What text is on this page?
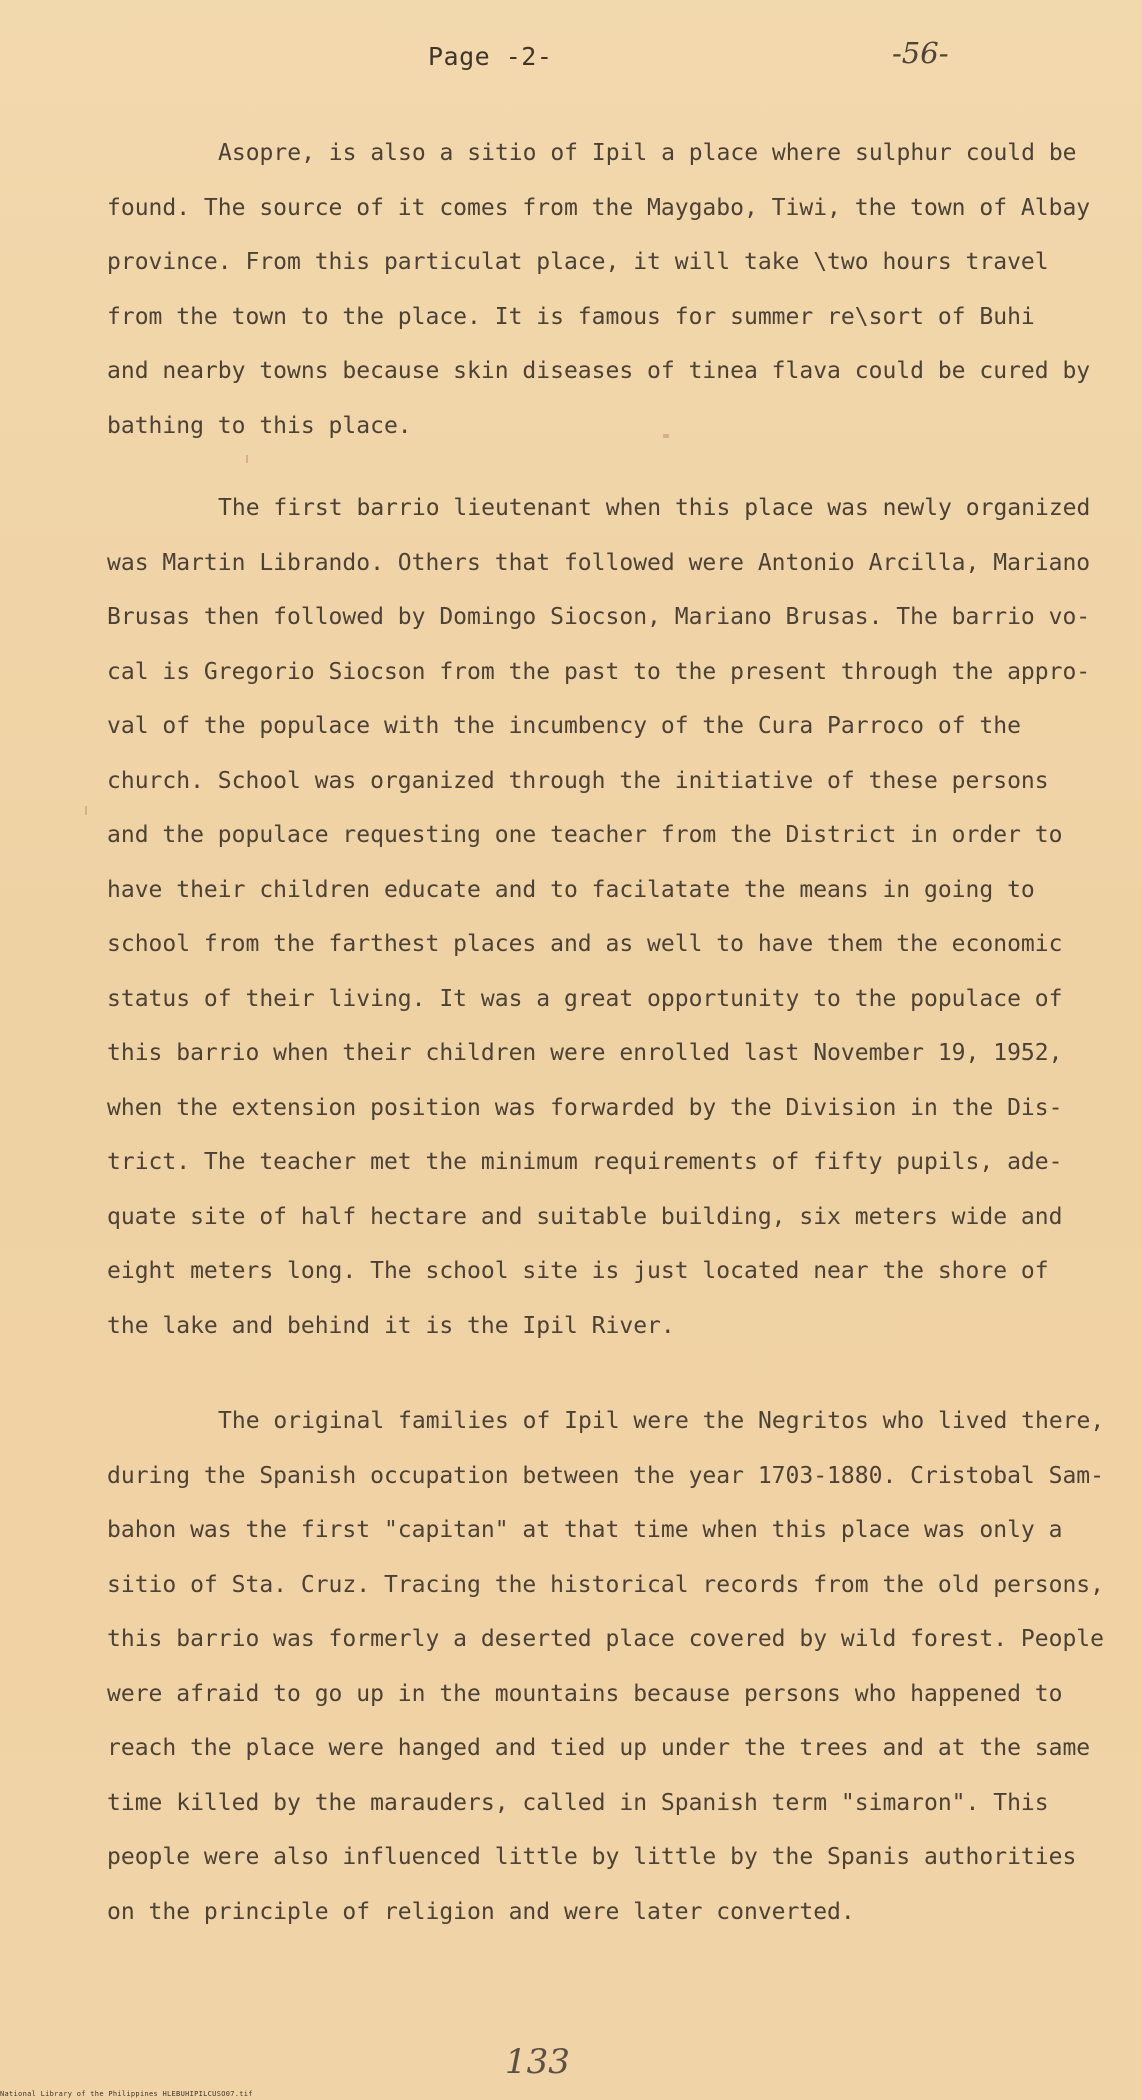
Page -2-	-56-
Asopre, is also a sitio of Ipil a place where sulphur could be
found. The source of it comes from the Maygabo, Tiwi, the town of Albay
province. From this particulat place, it will take \two hours travel
from the town to the place. It is famous for summer re\sort of Buhi
and nearby towns because skin diseases of tinea flava could be cured by
bathing to this place.
The first barrio lieutenant when this place was newly organized
was Martin Librando. Others that followed were Antonio Arcilla, Mariano
Brusas then followed by Domingo Siocson, Mariano Brusas. The barrio vo-
cal is Gregorio Siocson from the past to the present through the appro-
val of the populace with the incumbency of the Cura Parroco of the
church. School was organized through the initiative of these persons
and the populace requesting one teacher from the District in order to
have their children educate and to facilatate the means in going to
school from the farthest places and as well to have them the economic
status of their living. It was a great opportunity to the populace of
this barrio when their children were enrolled last November 19, 1952,
when the extension position was forwarded by the Division in the Dis-
trict. The teacher met the minimum requirements of fifty pupils, ade-
quate site of half hectare and suitable building, six meters wide and
eight meters long. The school site is just located near the shore of
the lake and behind it is the Ipil River.
The original families of Ipil were the Negritos who lived there,
during the Spanish occupation between the year 1703-1880. Cristobal Sam-
bahon was the first "capitan" at that time when this place was only a
sitio of Sta. Cruz. Tracing the historical records from the old persons,
this barrio was formerly a deserted place covered by wild forest. People
were afraid to go up in the mountains because persons who happened to
reach the place were hanged and tied up under the trees and at the same
time killed by the marauders, called in Spanish term "simaron". This
people were also influenced little by little by the Spanis authorities
on the principle of religion and were later converted.
133
National Library of the Philippines HLEBUHIPILCUSO07.tif
